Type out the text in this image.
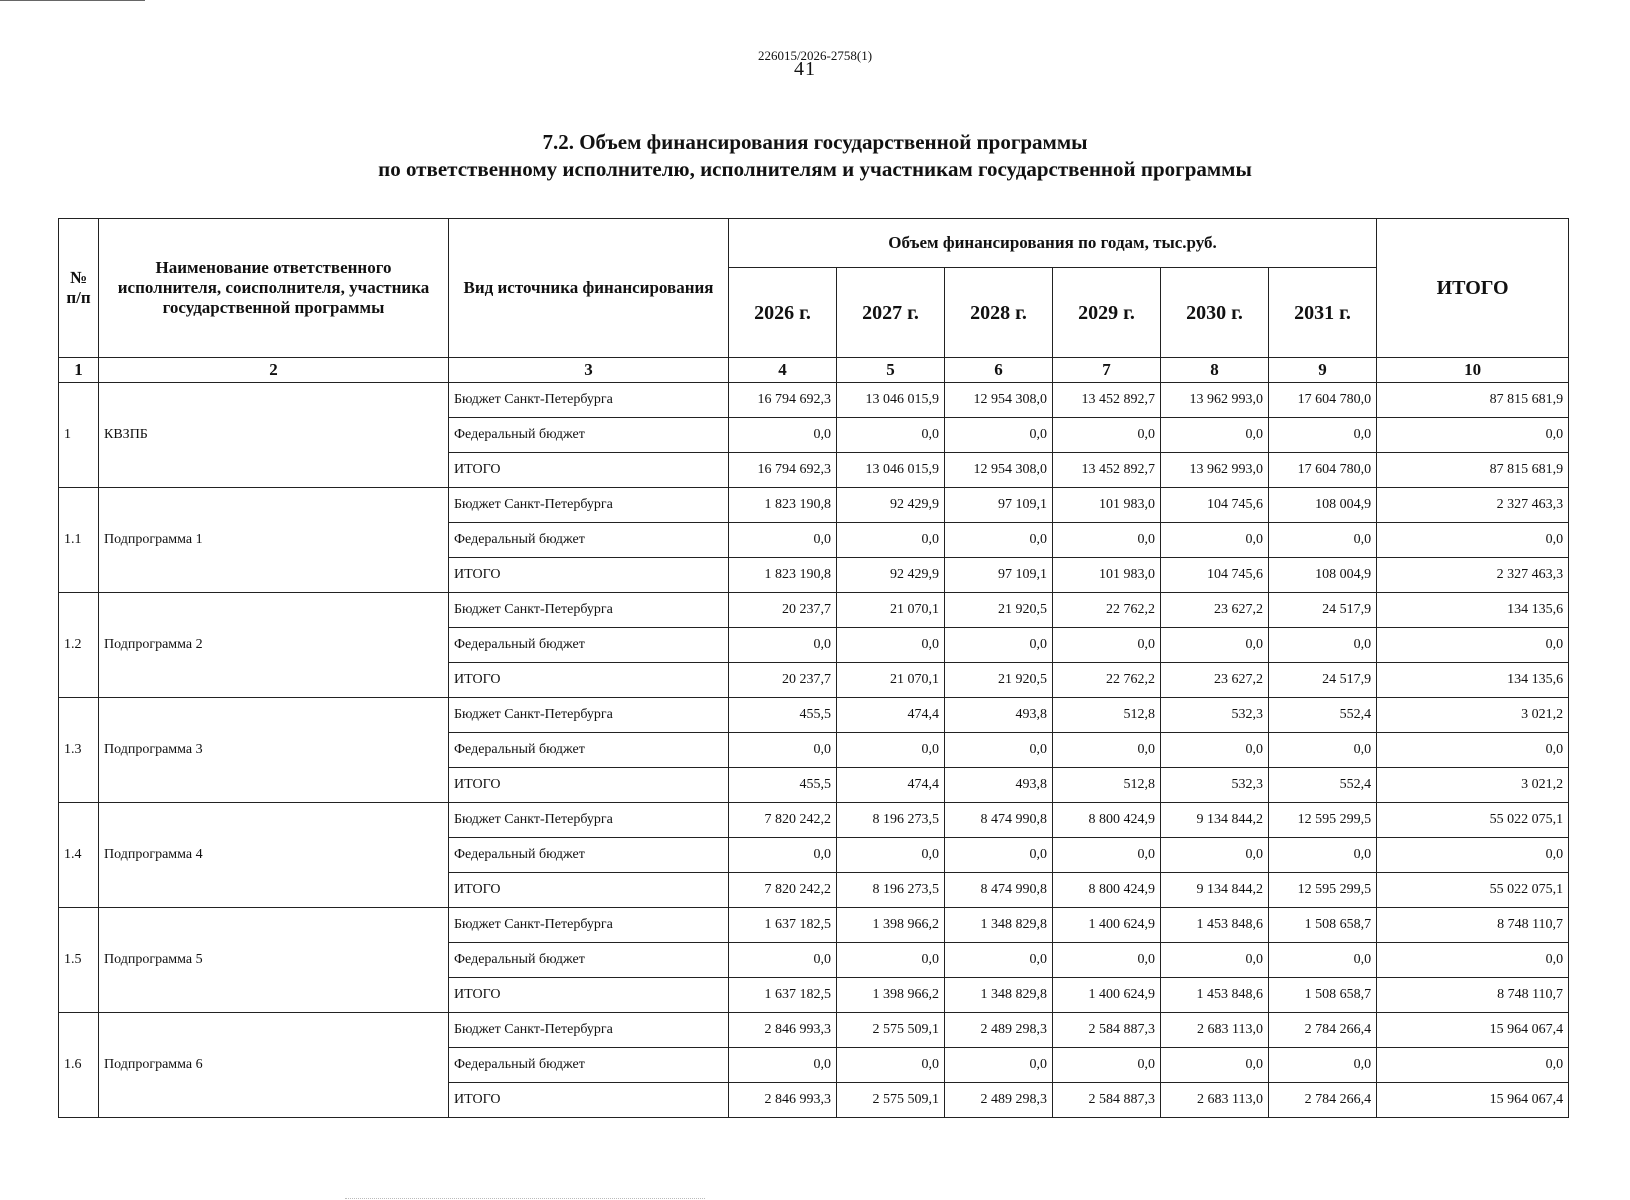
226015/2026-2758(1)
41
7.2. Объем финансирования государственной программы
по ответственному исполнителю, исполнителям и участникам государственной программы
№ п/п	Наименование ответственного исполнителя, соисполнителя, участника государственной программы	Вид источника финансирования	Объем финансирования по годам, тыс.руб.						ИТОГО
			2026 г.	2027 г.	2028 г.	2029 г.	2030 г.	2031 г.	
1	2	3	4	5	6	7	8	9	10
1	КВЗПБ	Бюджет Санкт-Петербурга	16 794 692,3	13 046 015,9	12 954 308,0	13 452 892,7	13 962 993,0	17 604 780,0	87 815 681,9
		Федеральный бюджет	0,0	0,0	0,0	0,0	0,0	0,0	0,0
		ИТОГО	16 794 692,3	13 046 015,9	12 954 308,0	13 452 892,7	13 962 993,0	17 604 780,0	87 815 681,9
1.1	Подпрограмма 1	Бюджет Санкт-Петербурга	1 823 190,8	92 429,9	97 109,1	101 983,0	104 745,6	108 004,9	2 327 463,3
		Федеральный бюджет	0,0	0,0	0,0	0,0	0,0	0,0	0,0
		ИТОГО	1 823 190,8	92 429,9	97 109,1	101 983,0	104 745,6	108 004,9	2 327 463,3
1.2	Подпрограмма 2	Бюджет Санкт-Петербурга	20 237,7	21 070,1	21 920,5	22 762,2	23 627,2	24 517,9	134 135,6
		Федеральный бюджет	0,0	0,0	0,0	0,0	0,0	0,0	0,0
		ИТОГО	20 237,7	21 070,1	21 920,5	22 762,2	23 627,2	24 517,9	134 135,6
1.3	Подпрограмма 3	Бюджет Санкт-Петербурга	455,5	474,4	493,8	512,8	532,3	552,4	3 021,2
		Федеральный бюджет	0,0	0,0	0,0	0,0	0,0	0,0	0,0
		ИТОГО	455,5	474,4	493,8	512,8	532,3	552,4	3 021,2
1.4	Подпрограмма 4	Бюджет Санкт-Петербурга	7 820 242,2	8 196 273,5	8 474 990,8	8 800 424,9	9 134 844,2	12 595 299,5	55 022 075,1
		Федеральный бюджет	0,0	0,0	0,0	0,0	0,0	0,0	0,0
		ИТОГО	7 820 242,2	8 196 273,5	8 474 990,8	8 800 424,9	9 134 844,2	12 595 299,5	55 022 075,1
1.5	Подпрограмма 5	Бюджет Санкт-Петербурга	1 637 182,5	1 398 966,2	1 348 829,8	1 400 624,9	1 453 848,6	1 508 658,7	8 748 110,7
		Федеральный бюджет	0,0	0,0	0,0	0,0	0,0	0,0	0,0
		ИТОГО	1 637 182,5	1 398 966,2	1 348 829,8	1 400 624,9	1 453 848,6	1 508 658,7	8 748 110,7
1.6	Подпрограмма 6	Бюджет Санкт-Петербурга	2 846 993,3	2 575 509,1	2 489 298,3	2 584 887,3	2 683 113,0	2 784 266,4	15 964 067,4
		Федеральный бюджет	0,0	0,0	0,0	0,0	0,0	0,0	0,0
		ИТОГО	2 846 993,3	2 575 509,1	2 489 298,3	2 584 887,3	2 683 113,0	2 784 266,4	15 964 067,4
